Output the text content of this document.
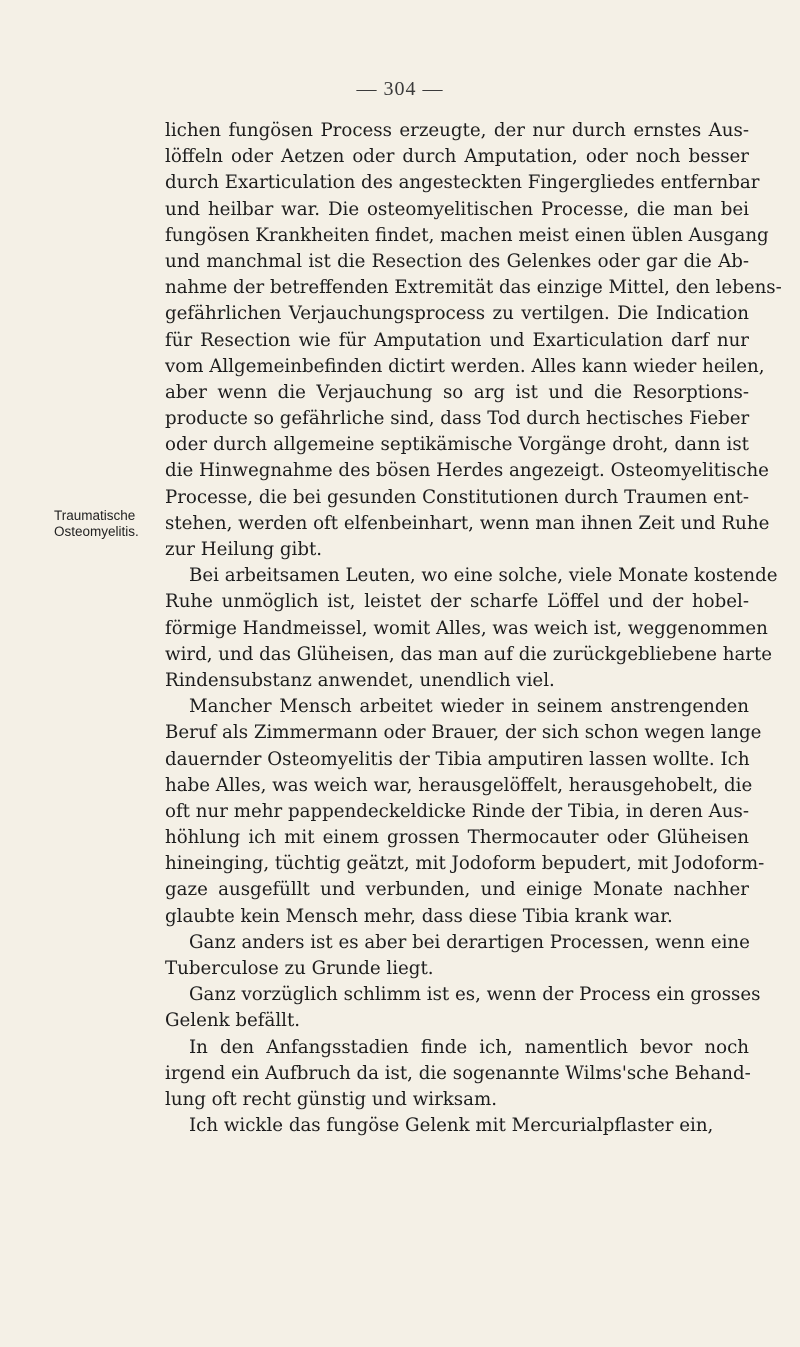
— 304 —
Traumatische
Osteomyelitis.
lichen fungösen Process erzeugte, der nur durch ernstes Aus-
löffeln oder Aetzen oder durch Amputation, oder noch besser
durch Exarticulation des angesteckten Fingergliedes entfernbar
und heilbar war. Die osteomyelitischen Processe, die man bei
fungösen Krankheiten findet, machen meist einen üblen Ausgang
und manchmal ist die Resection des Gelenkes oder gar die Ab-
nahme der betreffenden Extremität das einzige Mittel, den lebens-
gefährlichen Verjauchungsprocess zu vertilgen. Die Indication
für Resection wie für Amputation und Exarticulation darf nur
vom Allgemeinbefinden dictirt werden. Alles kann wieder heilen,
aber wenn die Verjauchung so arg ist und die Resorptions-
producte so gefährliche sind, dass Tod durch hectisches Fieber
oder durch allgemeine septikämische Vorgänge droht, dann ist
die Hinwegnahme des bösen Herdes angezeigt. Osteomyelitische
Processe, die bei gesunden Constitutionen durch Traumen ent-
stehen, werden oft elfenbeinhart, wenn man ihnen Zeit und Ruhe
zur Heilung gibt.
Bei arbeitsamen Leuten, wo eine solche, viele Monate kostende
Ruhe unmöglich ist, leistet der scharfe Löffel und der hobel-
förmige Handmeissel, womit Alles, was weich ist, weggenommen
wird, und das Glüheisen, das man auf die zurückgebliebene harte
Rindensubstanz anwendet, unendlich viel.
Mancher Mensch arbeitet wieder in seinem anstrengenden
Beruf als Zimmermann oder Brauer, der sich schon wegen lange
dauernder Osteomyelitis der Tibia amputiren lassen wollte. Ich
habe Alles, was weich war, herausgelöffelt, herausgehobelt, die
oft nur mehr pappendeckeldicke Rinde der Tibia, in deren Aus-
höhlung ich mit einem grossen Thermocauter oder Glüheisen
hineinging, tüchtig geätzt, mit Jodoform bepudert, mit Jodoform-
gaze ausgefüllt und verbunden, und einige Monate nachher
glaubte kein Mensch mehr, dass diese Tibia krank war.
Ganz anders ist es aber bei derartigen Processen, wenn eine
Tuberculose zu Grunde liegt.
Ganz vorzüglich schlimm ist es, wenn der Process ein grosses
Gelenk befällt.
In den Anfangsstadien finde ich, namentlich bevor noch
irgend ein Aufbruch da ist, die sogenannte Wilms'sche Behand-
lung oft recht günstig und wirksam.
Ich wickle das fungöse Gelenk mit Mercurialpflaster ein,
